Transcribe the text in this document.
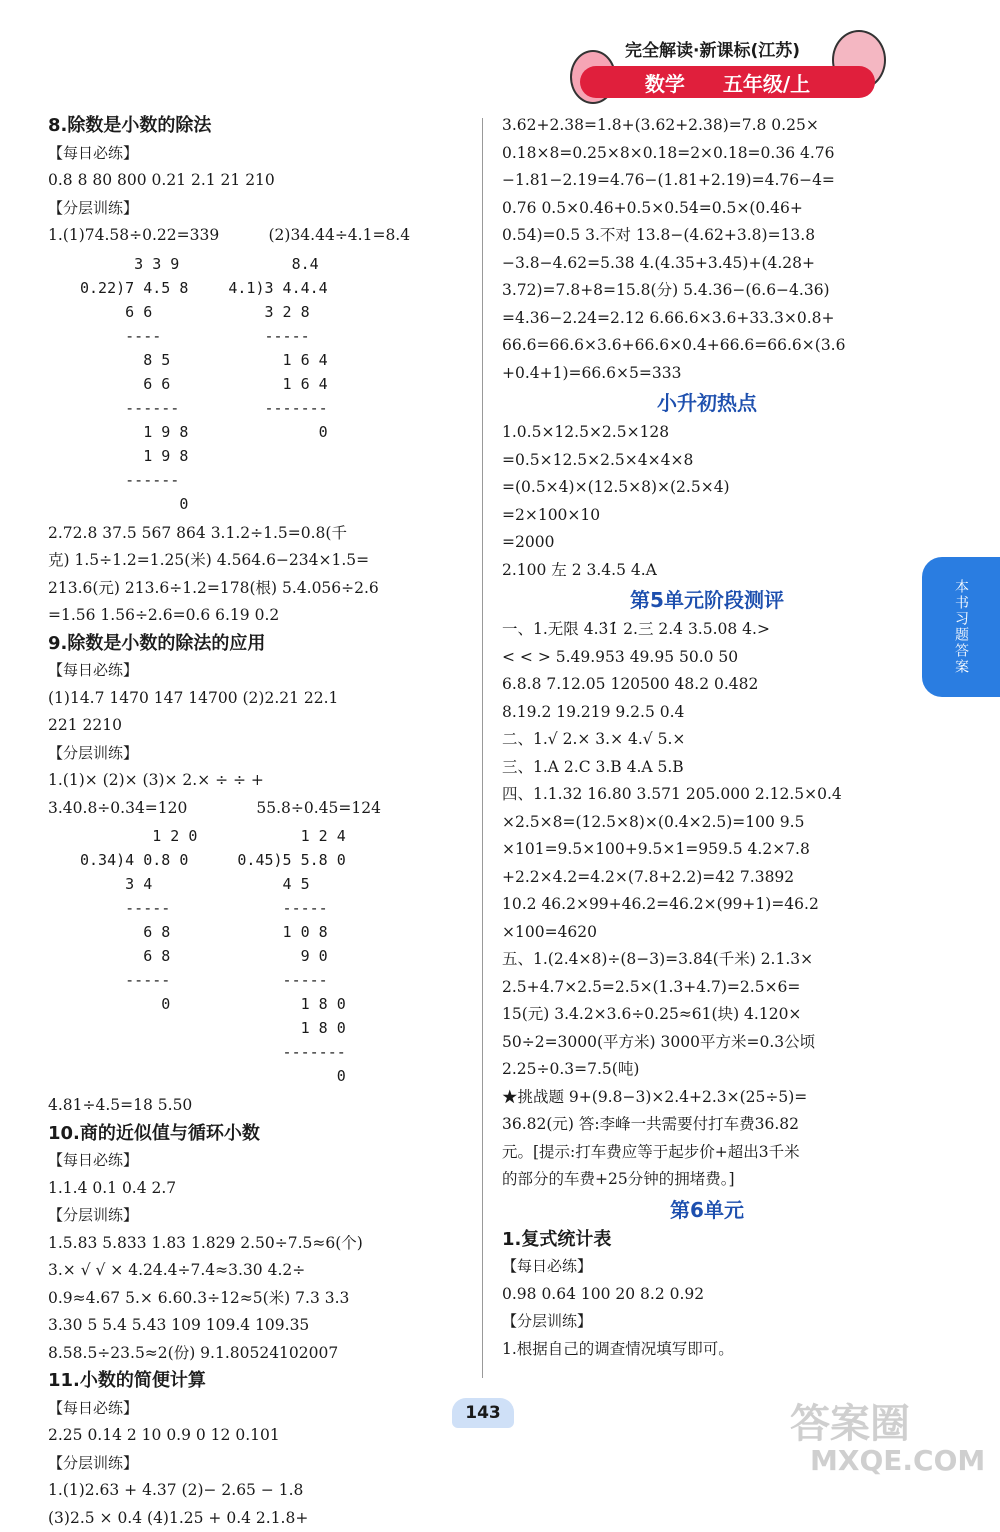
完全解读·新课标(江苏)
数学 五年级/上
8.除数是小数的除法
【每日必练】
0.8 8 80 800 0.21 2.1 21 210
【分层训练】
1.(1)74.58÷0.22=339	(2)34.44÷4.1=8.4
3 3 9
0.22)7 4.5 8
6 6
----
8 5
6 6
------
1 9 8
1 9 8
------
0
8.4
4.1)3 4.4.4
3 2 8
-----
1 6 4
1 6 4
-------
0
2.72.8 37.5 567 864 3.1.2÷1.5=0.8(千
克) 1.5÷1.2=1.25(米) 4.564.6−234×1.5=
213.6(元) 213.6÷1.2=178(根) 5.4.056÷2.6
=1.56 1.56÷2.6=0.6 6.19 0.2
9.除数是小数的除法的应用
【每日必练】
(1)14.7 1470 147 14700 (2)2.21 22.1
221 2210
【分层训练】
1.(1)× (2)× (3)× 2.× ÷ ÷ +
3.40.8÷0.34=120	55.8÷0.45=124
1 2 0
0.34)4 0.8 0
3 4
-----
6 8
6 8
-----
0
1 2 4
0.45)5 5.8 0
4 5
-----
1 0 8
9 0
-----
1 8 0
1 8 0
-------
0
4.81÷4.5=18 5.50
10.商的近似值与循环小数
【每日必练】
1.1.4 0.1 0.4 2.7
【分层训练】
1.5.83 5.833 1.83 1.829 2.50÷7.5≈6(个)
3.× √ √ × 4.24.4÷7.4≈3.30 4.2÷
0.9≈4.67 5.× 6.60.3÷12≈5(米) 7.3 3.3
3.30 5 5.4 5.43 109 109.4 109.35
8.58.5÷23.5≈2(份) 9.1.80524102007
11.小数的简便计算
【每日必练】
2.25 0.14 2 10 0.9 0 12 0.101
【分层训练】
1.(1)2.63 + 4.37 (2)− 2.65 − 1.8
(3)2.5 × 0.4 (4)1.25 + 0.4 2.1.8+
3.62+2.38=1.8+(3.62+2.38)=7.8 0.25×
0.18×8=0.25×8×0.18=2×0.18=0.36 4.76
−1.81−2.19=4.76−(1.81+2.19)=4.76−4=
0.76 0.5×0.46+0.5×0.54=0.5×(0.46+
0.54)=0.5 3.不对 13.8−(4.62+3.8)=13.8
−3.8−4.62=5.38 4.(4.35+3.45)+(4.28+
3.72)=7.8+8=15.8(分) 5.4.36−(6.6−4.36)
=4.36−2.24=2.12 6.66.6×3.6+33.3×0.8+
66.6=66.6×3.6+66.6×0.4+66.6=66.6×(3.6
+0.4+1)=66.6×5=333
小升初热点
1.0.5×12.5×2.5×128
=0.5×12.5×2.5×4×4×8
=(0.5×4)×(12.5×8)×(2.5×4)
=2×100×10
=2000
2.100 左 2 3.4.5 4.A
第5单元阶段测评
一、1.无限 4.3̇1̇ 2.三 2.4 3.5.08 4.>
< < > 5.49.953 49.95 50.0 50
6.8.8 7.12.05 120500 48.2 0.482
8.19.2 19.219 9.2.5 0.4
二、1.√ 2.× 3.× 4.√ 5.×
三、1.A 2.C 3.B 4.A 5.B
四、1.1.32 16.80 3.571 205.000 2.12.5×0.4
×2.5×8=(12.5×8)×(0.4×2.5)=100 9.5
×101=9.5×100+9.5×1=959.5 4.2×7.8
+2.2×4.2=4.2×(7.8+2.2)=42 7.3892
10.2 46.2×99+46.2=46.2×(99+1)=46.2
×100=4620
五、1.(2.4×8)÷(8−3)=3.84(千米) 2.1.3×
2.5+4.7×2.5=2.5×(1.3+4.7)=2.5×6=
15(元) 3.4.2×3.6÷0.25≈61(块) 4.120×
50÷2=3000(平方米) 3000平方米=0.3公顷
2.25÷0.3=7.5(吨)
★挑战题 9+(9.8−3)×2.4+2.3×(25÷5)=
36.82(元) 答:李峰一共需要付打车费36.82
元。[提示:打车费应等于起步价+超出3千米
的部分的车费+25分钟的拥堵费。]
第6单元
1.复式统计表
【每日必练】
0.98 0.64 100 20 8.2 0.92
【分层训练】
1.根据自己的调查情况填写即可。
本书习题答案
143	答案圈
MXQE.COM
